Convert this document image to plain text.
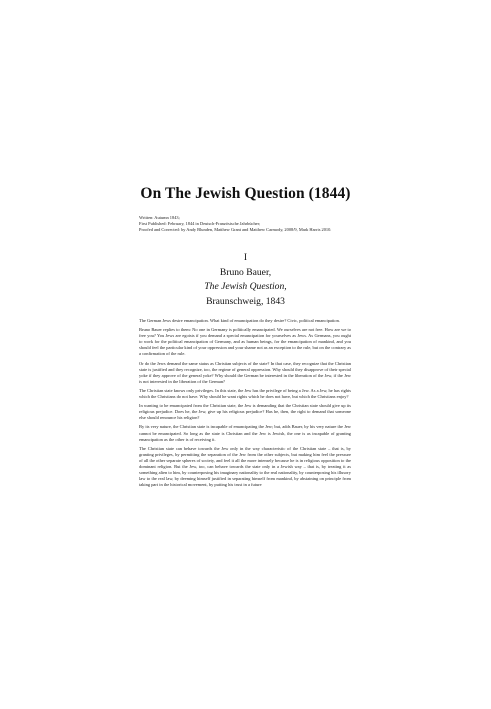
On The Jewish Question (1844)
Written: Autumn 1843;
First Published: February, 1844 in Deutsch-Französische Jahrbücher;
Proofed and Corrected: by Andy Blunden, Matthew Grant and Matthew Carmody, 2008/9, Mark Harris 2010.
I
Bruno Bauer,
The Jewish Question,
Braunschweig, 1843

The German Jews desire emancipation. What kind of emancipation do they desire? Civic, political emancipation.

Bruno Bauer replies to them: No one in Germany is politically emancipated. We ourselves are not free. How are we to free you? You Jews are egoists if you demand a special emancipation for yourselves as Jews. As Germans, you ought to work for the political emancipation of Germany, and as human beings, for the emancipation of mankind, and you should feel the particular kind of your oppression and your shame not as an exception to the rule, but on the contrary as a confirmation of the rule.

Or do the Jews demand the same status as Christian subjects of the state? In that case, they recognize that the Christian state is justified and they recognize, too, the regime of general oppression. Why should they disapprove of their special yoke if they approve of the general yoke? Why should the German be interested in the liberation of the Jew, if the Jew is not interested in the liberation of the German?

The Christian state knows only privileges. In this state, the Jew has the privilege of being a Jew. As a Jew, he has rights which the Christians do not have. Why should he want rights which he does not have, but which the Christians enjoy?

In wanting to be emancipated from the Christian state, the Jew is demanding that the Christian state should give up its religious prejudice. Does he, the Jew, give up his religious prejudice? Has he, then, the right to demand that someone else should renounce his religion?

By its very nature, the Christian state is incapable of emancipating the Jew; but, adds Bauer, by his very nature the Jew cannot be emancipated. So long as the state is Christian and the Jew is Jewish, the one is as incapable of granting emancipation as the other is of receiving it.

The Christian state can behave towards the Jew only in the way characteristic of the Christian state – that is, by granting privileges, by permitting the separation of the Jew from the other subjects, but making him feel the pressure of all the other separate spheres of society, and feel it all the more intensely because he is in religious opposition to the dominant religion. But the Jew, too, can behave towards the state only in a Jewish way – that is, by treating it as something alien to him, by counterposing his imaginary nationality to the real nationality, by counterposing his illusory law to the real law, by deeming himself justified in separating himself from mankind, by abstaining on principle from taking part in the historical movement, by putting his trust in a future
